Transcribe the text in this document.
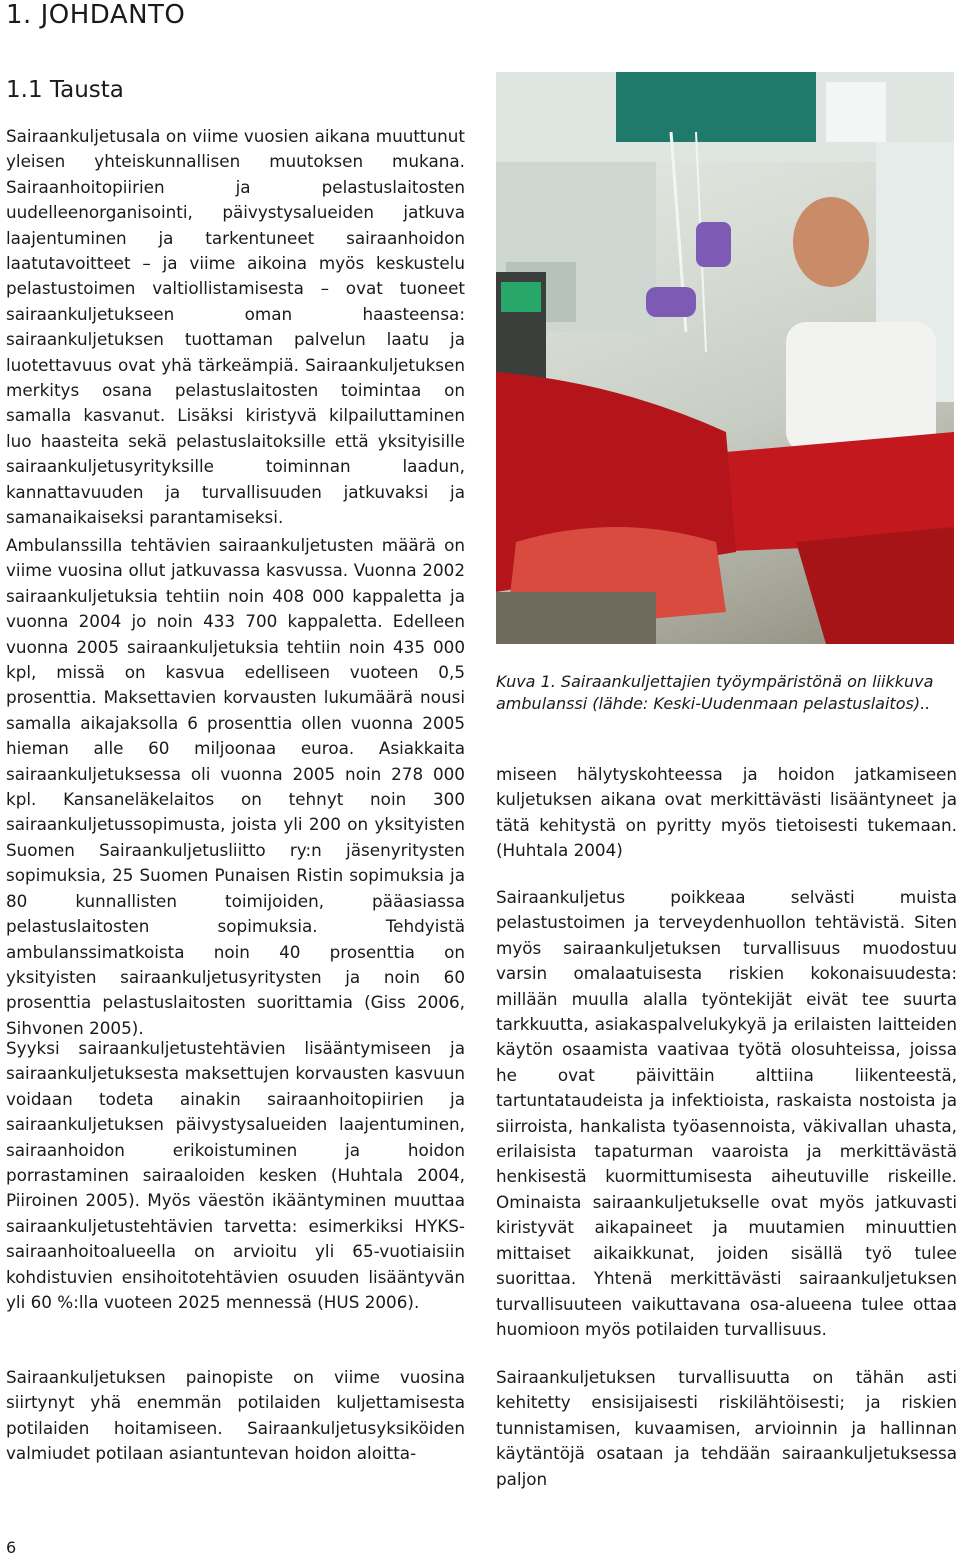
1. JOHDANTO
1.1 Tausta

Sairaankuljetusala on viime vuosien aikana muuttunut yleisen yhteiskunnallisen muutoksen mukana. Sairaanhoitopiirien ja pelastuslaitosten uudelleenorganisointi, päivystysalueiden jatkuva laajentuminen ja tarkentuneet sairaanhoidon laatutavoitteet – ja viime aikoina myös keskustelu pelastustoimen valtiollistamisesta – ovat tuoneet sairaankuljetukseen oman haasteensa: sairaankuljetuksen tuottaman palvelun laatu ja luotettavuus ovat yhä tärkeämpiä. Sairaankuljetuksen merkitys osana pelastuslaitosten toimintaa on samalla kasvanut. Lisäksi kiristyvä kilpailuttaminen luo haasteita sekä pelastuslaitoksille että yksityisille sairaankuljetusyrityksille toiminnan laadun, kannattavuuden ja turvallisuuden jatkuvaksi ja samanaikaiseksi parantamiseksi.

Ambulanssilla tehtävien sairaankuljetusten määrä on viime vuosina ollut jatkuvassa kasvussa. Vuonna 2002 sairaankuljetuksia tehtiin noin 408 000 kappaletta ja vuonna 2004 jo noin 433 700 kappaletta. Edelleen vuonna 2005 sairaankuljetuksia tehtiin noin 435 000 kpl, missä on kasvua edelliseen vuoteen 0,5 prosenttia. Maksettavien korvausten lukumäärä nousi samalla aikajaksolla 6 prosenttia ollen vuonna 2005 hieman alle 60 miljoonaa euroa. Asiakkaita sairaankuljetuksessa oli vuonna 2005 noin 278 000 kpl. Kansaneläkelaitos on tehnyt noin 300 sairaankuljetussopimusta, joista yli 200 on yksityisten Suomen Sairaankuljetusliitto ry:n jäsenyritysten sopimuksia, 25 Suomen Punaisen Ristin sopimuksia ja 80 kunnallisten toimijoiden, pääasiassa pelastuslaitosten sopimuksia. Tehdyistä ambulanssimatkoista noin 40 prosenttia on yksityisten sairaankuljetusyritysten ja noin 60 prosenttia pelastuslaitosten suorittamia (Giss 2006, Sihvonen 2005).

Syyksi sairaankuljetustehtävien lisääntymiseen ja sairaankuljetuksesta maksettujen korvausten kasvuun voidaan todeta ainakin sairaanhoitopiirien ja sairaankuljetuksen päivystysalueiden laajentuminen, sairaanhoidon erikoistuminen ja hoidon porrastaminen sairaaloiden kesken (Huhtala 2004, Piiroinen 2005). Myös väestön ikääntyminen muuttaa sairaankuljetustehtävien tarvetta: esimerkiksi HYKS-sairaanhoitoalueella on arvioitu yli 65-vuotiaisiin kohdistuvien ensihoitotehtävien osuuden lisääntyvän yli 60 %:lla vuoteen 2025 mennessä (HUS 2006).

Sairaankuljetuksen painopiste on viime vuosina siirtynyt yhä enemmän potilaiden kuljettamisesta potilaiden hoitamiseen. Sairaankuljetusyksiköiden valmiudet potilaan asiantuntevan hoidon aloitta-

Kuva 1. Sairaankuljettajien työympäristönä on liikkuva ambulanssi (lähde: Keski-Uudenmaan pelastuslaitos)..

miseen hälytyskohteessa ja hoidon jatkamiseen kuljetuksen aikana ovat merkittävästi lisääntyneet ja tätä kehitystä on pyritty myös tietoisesti tukemaan. (Huhtala 2004)

Sairaankuljetus poikkeaa selvästi muista pelastustoimen ja terveydenhuollon tehtävistä. Siten myös sairaankuljetuksen turvallisuus muodostuu varsin omalaatuisesta riskien kokonaisuudesta: millään muulla alalla työntekijät eivät tee suurta tarkkuutta, asiakaspalvelukykyä ja erilaisten laitteiden käytön osaamista vaativaa työtä olosuhteissa, joissa he ovat päivittäin alttiina liikenteestä, tartuntataudeista ja infektioista, raskaista nostoista ja siirroista, hankalista työasennoista, väkivallan uhasta, erilaisista tapaturman vaaroista ja merkittävästä henkisestä kuormittumisesta aiheutuville riskeille. Ominaista sairaankuljetukselle ovat myös jatkuvasti kiristyvät aikapaineet ja muutamien minuuttien mittaiset aikaikkunat, joiden sisällä työ tulee suorittaa. Yhtenä merkittävästi sairaankuljetuksen turvallisuuteen vaikuttavana osa-alueena tulee ottaa huomioon myös potilaiden turvallisuus.

Sairaankuljetuksen turvallisuutta on tähän asti kehitetty ensisijaisesti riskilähtöisesti; ja riskien tunnistamisen, kuvaamisen, arvioinnin ja hallinnan käytäntöjä osataan ja tehdään sairaankuljetuksessa paljon

6
